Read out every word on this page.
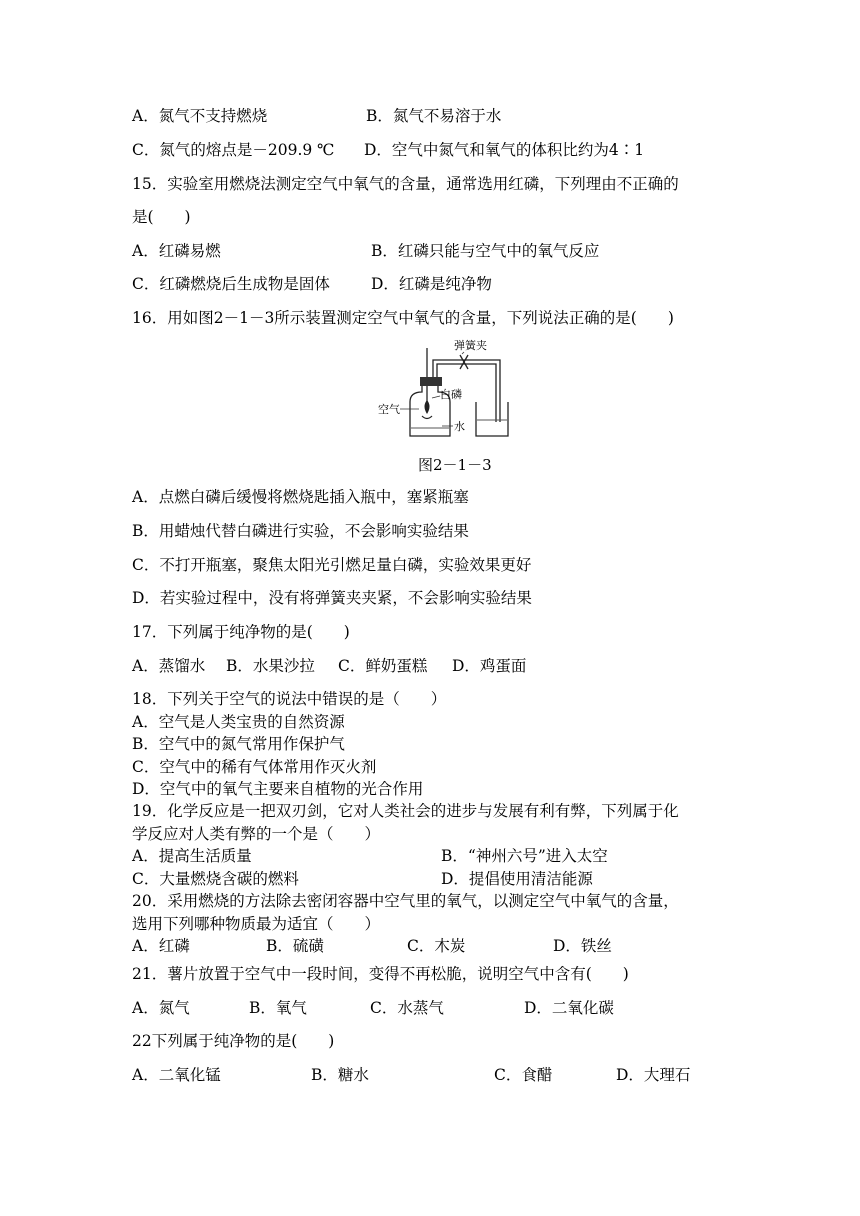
A．氮气不支持燃烧	B．氮气不易溶于水
C．氮气的熔点是－209.9 ℃ D．空气中氮气和氧气的体积比约为4∶1
15．实验室用燃烧法测定空气中氧气的含量，通常选用红磷，下列理由不正确的
是(　　)
A．红磷易燃	B．红磷只能与空气中的氧气反应
C．红磷燃烧后生成物是固体	D．红磷是纯净物
16．用如图2－1－3所示装置测定空气中氧气的含量，下列说法正确的是(　　)
弹簧夹
白磷
空气
水
图2－1－3
A．点燃白磷后缓慢将燃烧匙插入瓶中，塞紧瓶塞
B．用蜡烛代替白磷进行实验，不会影响实验结果
C．不打开瓶塞，聚焦太阳光引燃足量白磷，实验效果更好
D．若实验过程中，没有将弹簧夹夹紧，不会影响实验结果
17．下列属于纯净物的是(　　)
A．蒸馏水 B．水果沙拉 C．鲜奶蛋糕 D．鸡蛋面
18．下列关于空气的说法中错误的是（　　）
A．空气是人类宝贵的自然资源
B．空气中的氮气常用作保护气
C．空气中的稀有气体常用作灭火剂
D．空气中的氧气主要来自植物的光合作用
19．化学反应是一把双刃剑，它对人类社会的进步与发展有利有弊，下列属于化
学反应对人类有弊的一个是（　　）
A．提高生活质量	B．“神州六号”进入太空
C．大量燃烧含碳的燃料	D．提倡使用清洁能源
20．采用燃烧的方法除去密闭容器中空气里的氧气，以测定空气中氧气的含量，
选用下列哪种物质最为适宜（　　）
A．红磷	B．硫磺	C．木炭	D．铁丝
21．薯片放置于空气中一段时间，变得不再松脆，说明空气中含有(　　)
A．氮气	B．氧气	C．水蒸气	D．二氧化碳
22下列属于纯净物的是(　　)
A．二氧化锰	B．糖水	C．食醋	D．大理石
